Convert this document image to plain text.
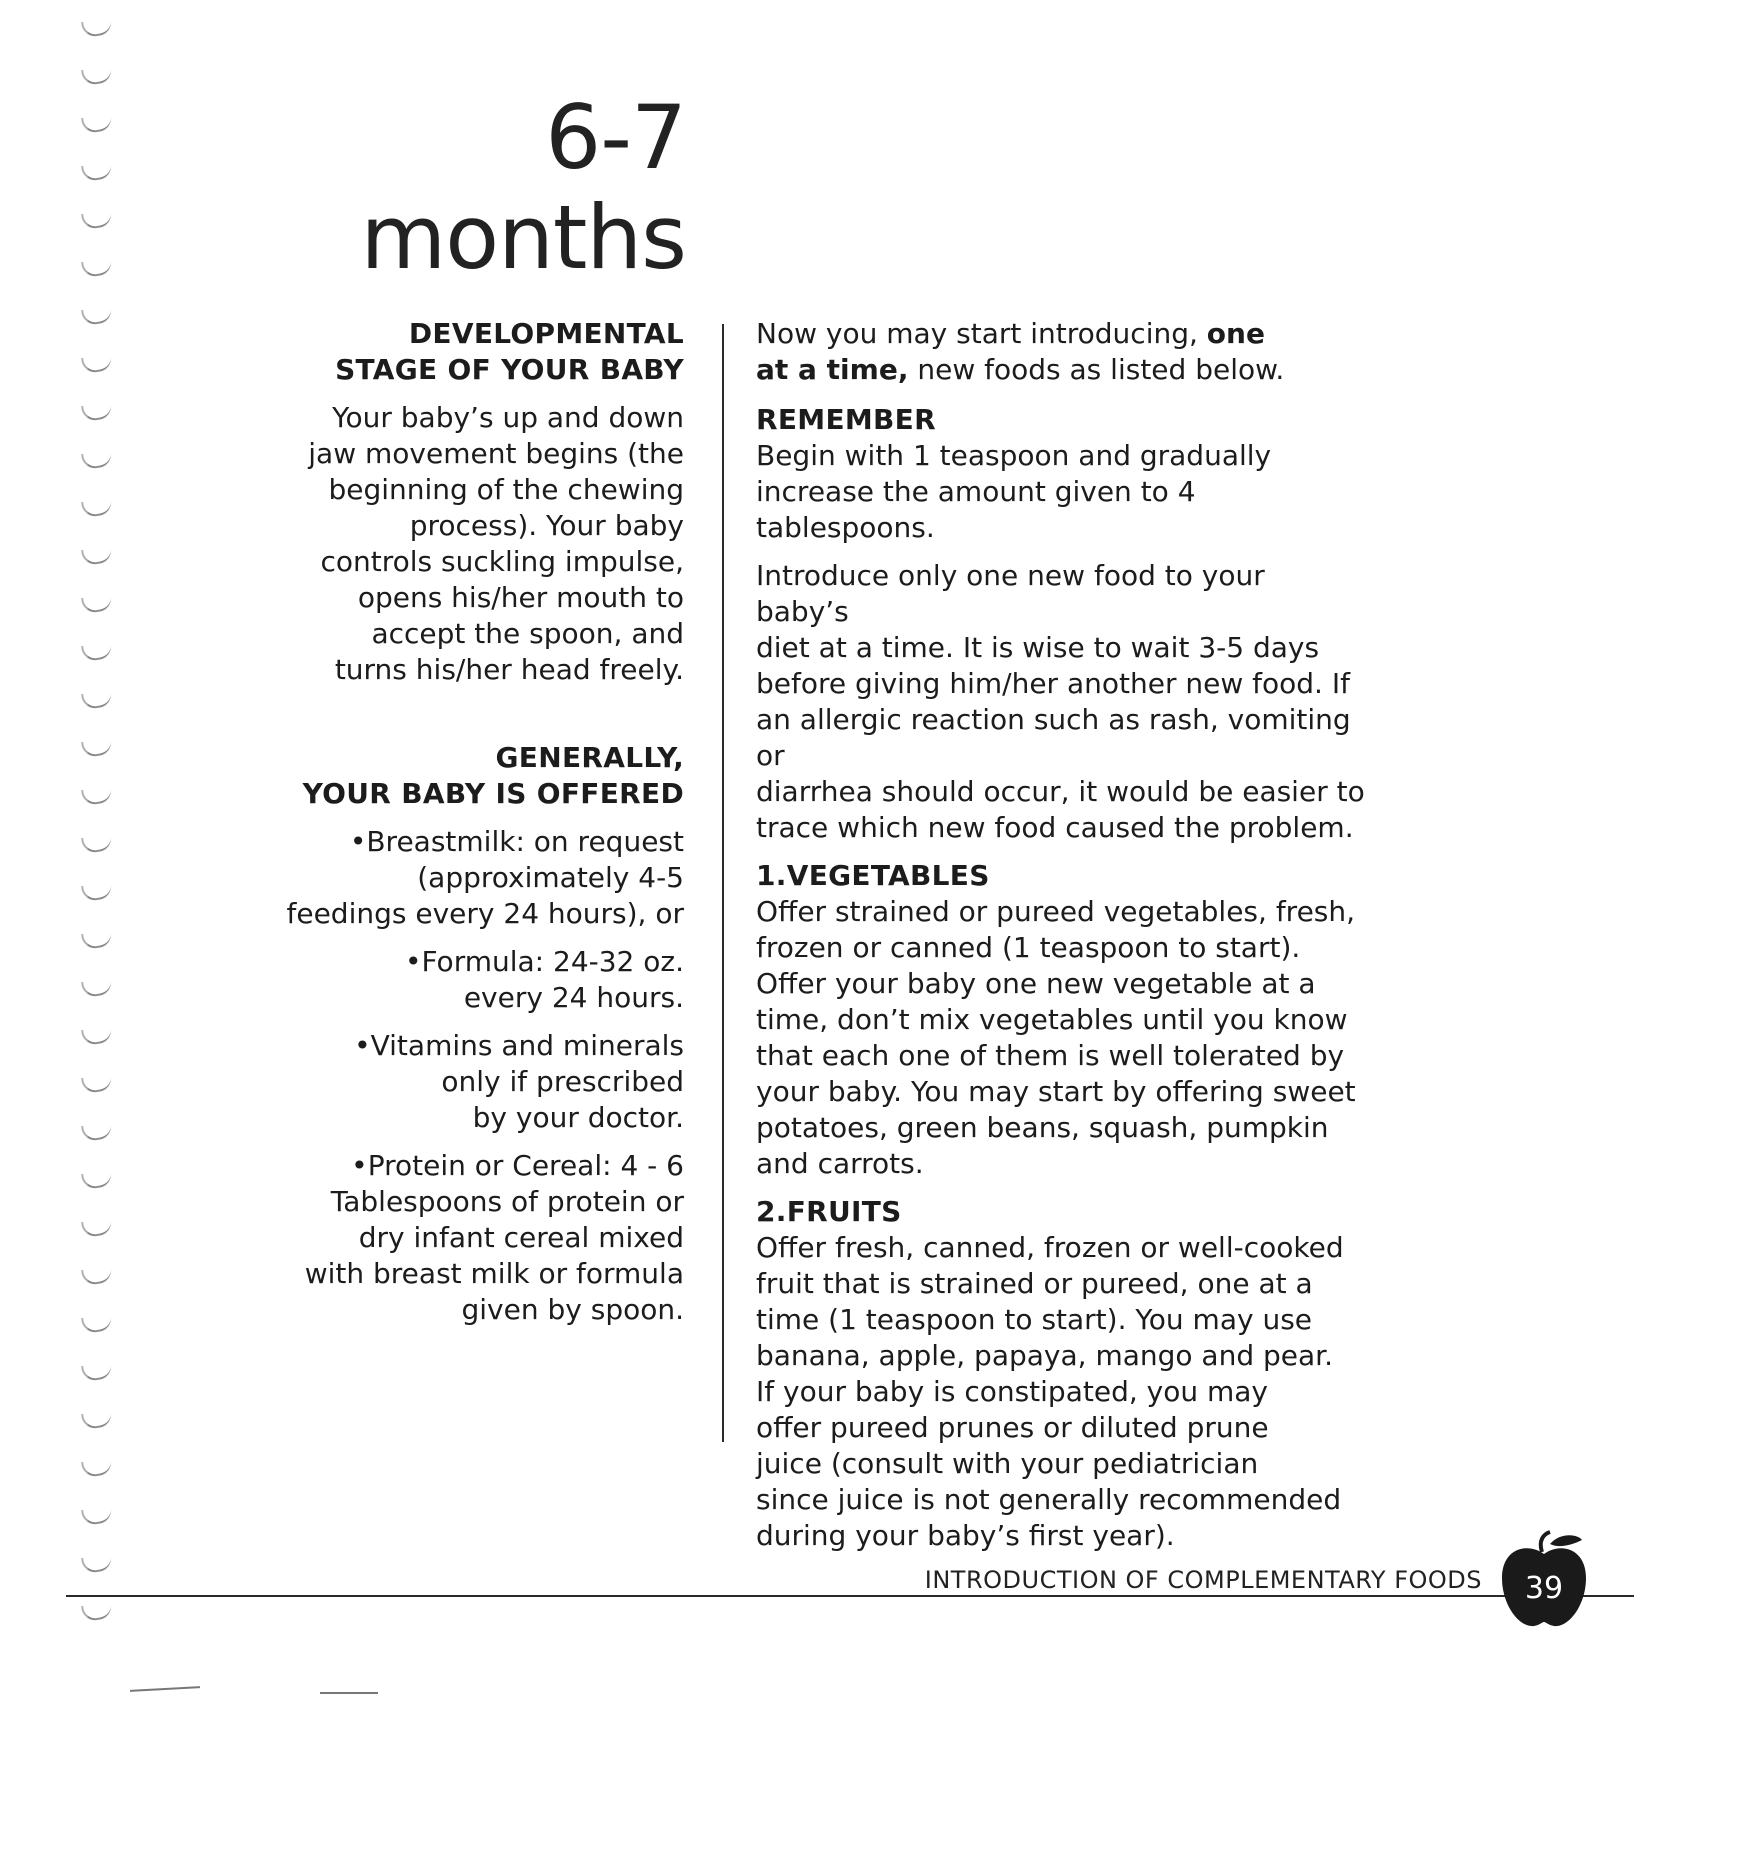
6-7
months

DEVELOPMENTAL

STAGE OF YOUR BABY

Your baby’s up and down

jaw movement begins (the

beginning of the chewing

process). Your baby

controls suckling impulse,

opens his/her mouth to

accept the spoon, and

turns his/her head freely.

GENERALLY,

YOUR BABY IS OFFERED

•Breastmilk: on request

(approximately 4-5

feedings every 24 hours), or

•Formula: 24-32 oz.

every 24 hours.

•Vitamins and minerals

only if prescribed

by your doctor.

•Protein or Cereal: 4 - 6

Tablespoons of protein or

dry infant cereal mixed

with breast milk or formula

given by spoon.

Now you may start introducing, one

at a time, new foods as listed below.

REMEMBER

Begin with 1 teaspoon and gradually

increase the amount given to 4 tablespoons.

Introduce only one new food to your baby’s

diet at a time. It is wise to wait 3-5 days

before giving him/her another new food. If

an allergic reaction such as rash, vomiting or

diarrhea should occur, it would be easier to

trace which new food caused the problem.

1.VEGETABLES

Offer strained or pureed vegetables, fresh,

frozen or canned (1 teaspoon to start).

Offer your baby one new vegetable at a

time, don’t mix vegetables until you know

that each one of them is well tolerated by

your baby. You may start by offering sweet

potatoes, green beans, squash, pumpkin

and carrots.

2.FRUITS

Offer fresh, canned, frozen or well-cooked

fruit that is strained or pureed, one at a

time (1 teaspoon to start). You may use

banana, apple, papaya, mango and pear.

If your baby is constipated, you may

offer pureed prunes or diluted prune

juice (consult with your pediatrician

since juice is not generally recommended

during your baby’s first year).

INTRODUCTION OF COMPLEMENTARY FOODS 39
